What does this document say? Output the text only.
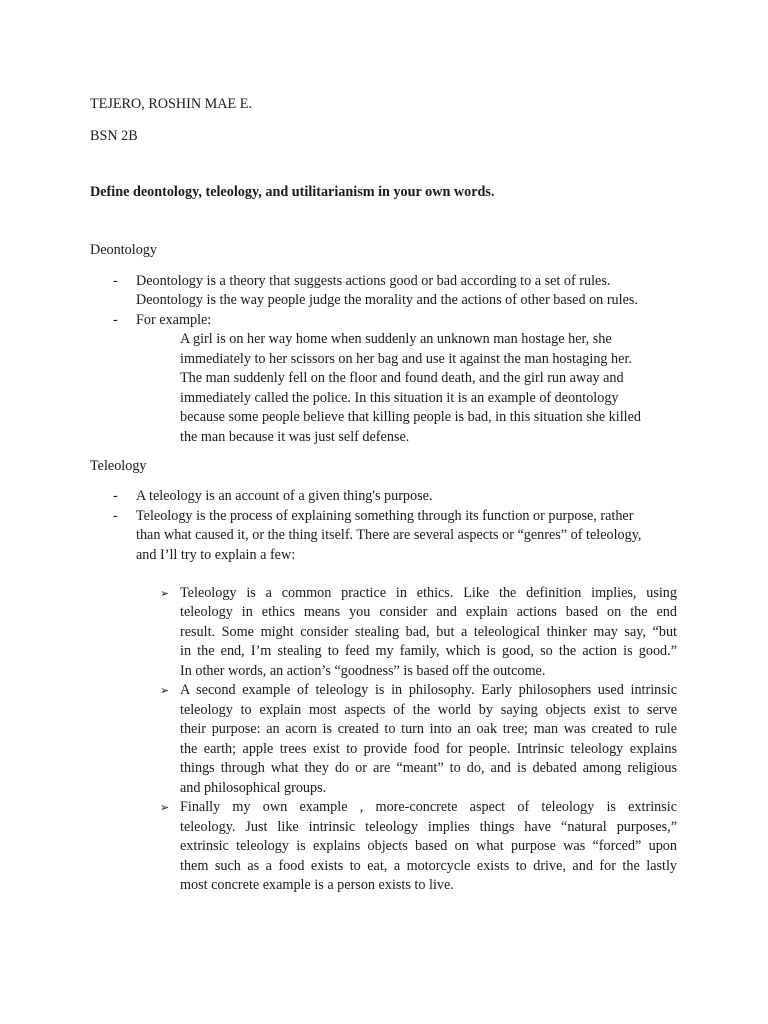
TEJERO, ROSHIN MAE E.
BSN 2B
Define deontology, teleology, and utilitarianism in your own words.
Deontology
- Deontology is a theory that suggests actions good or bad according to a set of rules.
Deontology is the way people judge the morality and the actions of other based on rules.
- For example:
A girl is on her way home when suddenly an unknown man hostage her, she
immediately to her scissors on her bag and use it against the man hostaging her.
The man suddenly fell on the floor and found death, and the girl run away and
immediately called the police. In this situation it is an example of deontology
because some people believe that killing people is bad, in this situation she killed
the man because it was just self defense.
Teleology
- A teleology is an account of a given thing's purpose.
- Teleology is the process of explaining something through its function or purpose, rather
than what caused it, or the thing itself. There are several aspects or “genres” of teleology,
and I’ll try to explain a few:
➢ Teleology is a common practice in ethics. Like the definition implies, using
teleology in ethics means you consider and explain actions based on the end
result. Some might consider stealing bad, but a teleological thinker may say, “but
in the end, I’m stealing to feed my family, which is good, so the action is good.”
In other words, an action’s “goodness” is based off the outcome.
➢ A second example of teleology is in philosophy. Early philosophers used intrinsic
teleology to explain most aspects of the world by saying objects exist to serve
their purpose: an acorn is created to turn into an oak tree; man was created to rule
the earth; apple trees exist to provide food for people. Intrinsic teleology explains
things through what they do or are “meant” to do, and is debated among religious
and philosophical groups.
➢ Finally my own example , more-concrete aspect of teleology is extrinsic
teleology. Just like intrinsic teleology implies things have “natural purposes,”
extrinsic teleology is explains objects based on what purpose was “forced” upon
them such as a food exists to eat, a motorcycle exists to drive, and for the lastly
most concrete example is a person exists to live.
